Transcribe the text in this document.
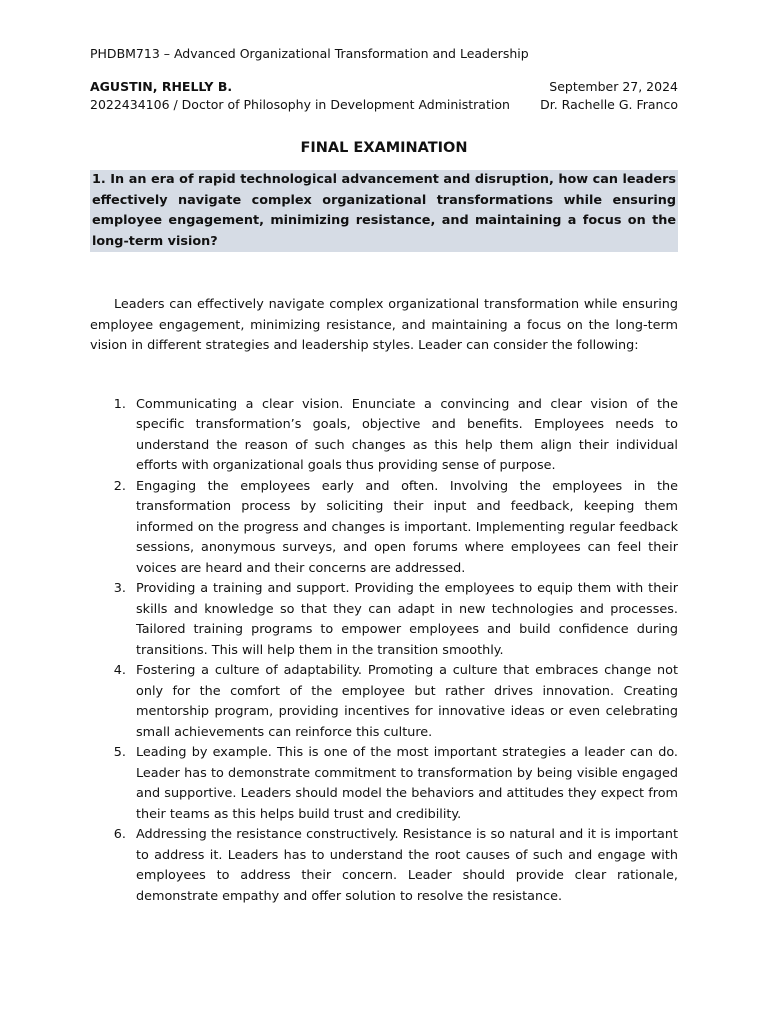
PHDBM713 – Advanced Organizational Transformation and Leadership
AGUSTIN, RHELLY B.
2022434106 / Doctor of Philosophy in Development Administration
September 27, 2024
Dr. Rachelle G. Franco
FINAL EXAMINATION
1. In an era of rapid technological advancement and disruption, how can leaders effectively navigate complex organizational transformations while ensuring employee engagement, minimizing resistance, and maintaining a focus on the long-term vision?
Leaders can effectively navigate complex organizational transformation while ensuring employee engagement, minimizing resistance, and maintaining a focus on the long-term vision in different strategies and leadership styles. Leader can consider the following:
1. Communicating a clear vision. Enunciate a convincing and clear vision of the specific transformation’s goals, objective and benefits. Employees needs to understand the reason of such changes as this help them align their individual efforts with organizational goals thus providing sense of purpose.
2. Engaging the employees early and often. Involving the employees in the transformation process by soliciting their input and feedback, keeping them informed on the progress and changes is important. Implementing regular feedback sessions, anonymous surveys, and open forums where employees can feel their voices are heard and their concerns are addressed.
3. Providing a training and support. Providing the employees to equip them with their skills and knowledge so that they can adapt in new technologies and processes. Tailored training programs to empower employees and build confidence during transitions. This will help them in the transition smoothly.
4. Fostering a culture of adaptability. Promoting a culture that embraces change not only for the comfort of the employee but rather drives innovation. Creating mentorship program, providing incentives for innovative ideas or even celebrating small achievements can reinforce this culture.
5. Leading by example. This is one of the most important strategies a leader can do. Leader has to demonstrate commitment to transformation by being visible engaged and supportive. Leaders should model the behaviors and attitudes they expect from their teams as this helps build trust and credibility.
6. Addressing the resistance constructively. Resistance is so natural and it is important to address it. Leaders has to understand the root causes of such and engage with employees to address their concern. Leader should provide clear rationale, demonstrate empathy and offer solution to resolve the resistance.
